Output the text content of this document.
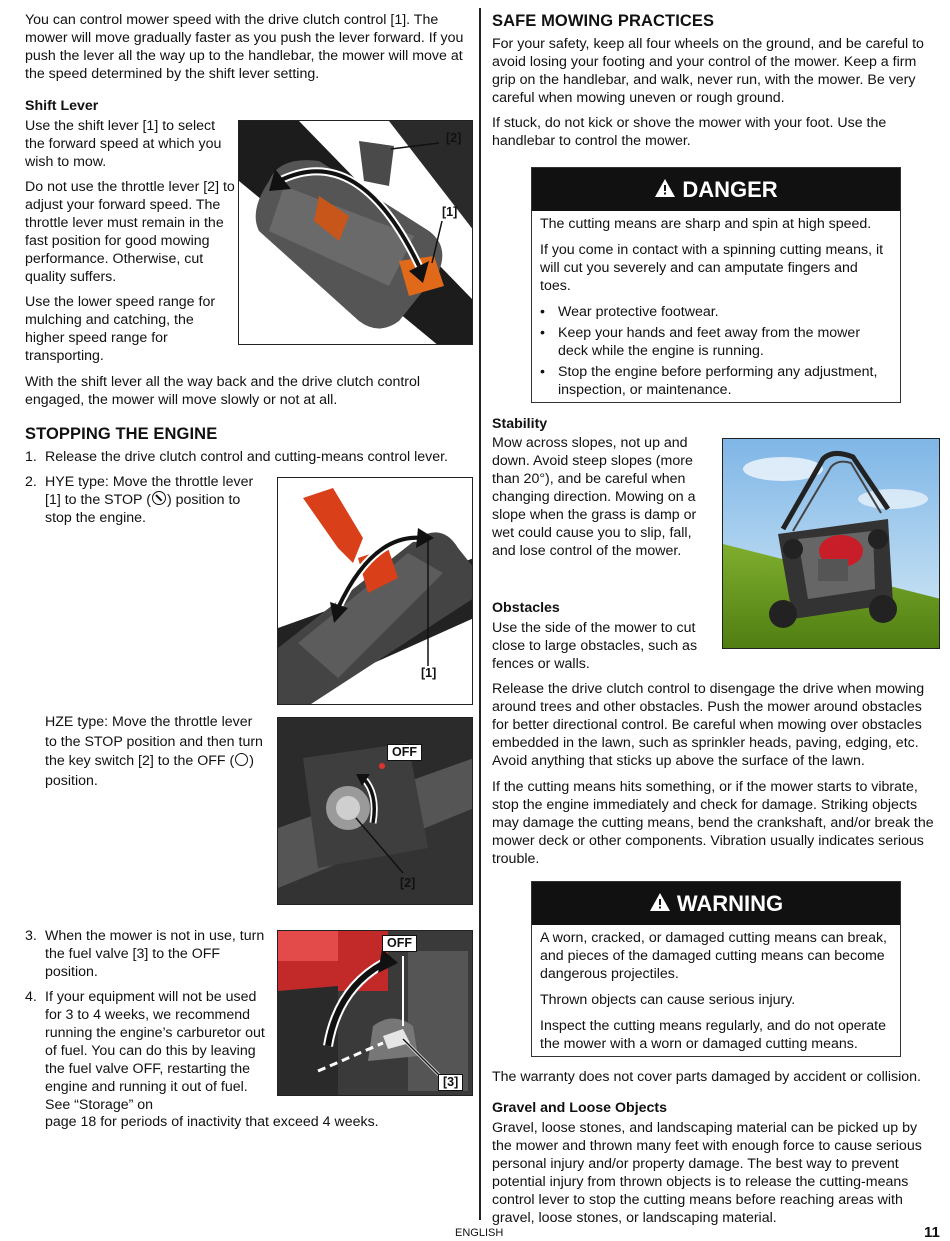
You can control mower speed with the drive clutch control [1]. The mower will move gradually faster as you push the lever forward. If you push the lever all the way up to the handlebar, the mower will move at the speed determined by the shift lever setting.

Shift Lever

Use the shift lever [1] to select the forward speed at which you wish to mow.

Do not use the throttle lever [2] to adjust your forward speed. The throttle lever must remain in the fast position for good mowing performance. Otherwise, cut quality suffers.

Use the lower speed range for mulching and catching, the higher speed range for transporting.

[2]
[1]

With the shift lever all the way back and the drive clutch control engaged, the mower will move slowly or not at all.

STOPPING THE ENGINE
1. Release the drive clutch control and cutting-means control lever.

2. HYE type: Move the throttle lever [1] to the STOP ( ) position to stop the engine.

[1]

HZE type: Move the throttle lever to the STOP position and then turn the key switch [2] to the OFF ( ) position.

OFF
[2]
3. When the mower is not in use, turn the fuel valve [3] to the OFF position.

4. If your equipment will not be used for 3 to 4 weeks, we recommend running the engine’s carburetor out of fuel. You can do this by leaving the fuel valve OFF, restarting the engine and running it out of fuel. See “Storage” on

page 18 for periods of inactivity that exceed 4 weeks.

OFF
[3]
SAFE MOWING PRACTICES

For your safety, keep all four wheels on the ground, and be careful to avoid losing your footing and your control of the mower. Keep a firm grip on the handlebar, and walk, never run, with the mower. Be very careful when mowing uneven or rough ground.

If stuck, do not kick or shove the mower with your foot. Use the handlebar to control the mower.

DANGER

The cutting means are sharp and spin at high speed.

If you come in contact with a spinning cutting means, it will cut you severely and can amputate fingers and toes.

• Wear protective footwear.
• Keep your hands and feet away from the mower deck while the engine is running.
• Stop the engine before performing any adjustment, inspection, or maintenance.
Stability

Mow across slopes, not up and down. Avoid steep slopes (more than 20°), and be careful when changing direction. Mowing on a slope when the grass is damp or wet could cause you to slip, fall, and lose control of the mower.

Obstacles

Use the side of the mower to cut close to large obstacles, such as fences or walls.

Release the drive clutch control to disengage the drive when mowing around trees and other obstacles. Push the mower around obstacles for better directional control. Be careful when mowing over obstacles embedded in the lawn, such as sprinkler heads, paving, edging, etc. Avoid anything that sticks up above the surface of the lawn.

If the cutting means hits something, or if the mower starts to vibrate, stop the engine immediately and check for damage. Striking objects may damage the cutting means, bend the crankshaft, and/or break the mower deck or other components. Vibration usually indicates serious trouble.

WARNING

A worn, cracked, or damaged cutting means can break, and pieces of the damaged cutting means can become dangerous projectiles.

Thrown objects can cause serious injury.

Inspect the cutting means regularly, and do not operate the mower with a worn or damaged cutting means.

The warranty does not cover parts damaged by accident or collision.

Gravel and Loose Objects

Gravel, loose stones, and landscaping material can be picked up by the mower and thrown many feet with enough force to cause serious personal injury and/or property damage. The best way to prevent potential injury from thrown objects is to release the cutting-means control lever to stop the cutting means before reaching areas with gravel, loose stones, or landscaping material.

ENGLISH	11
